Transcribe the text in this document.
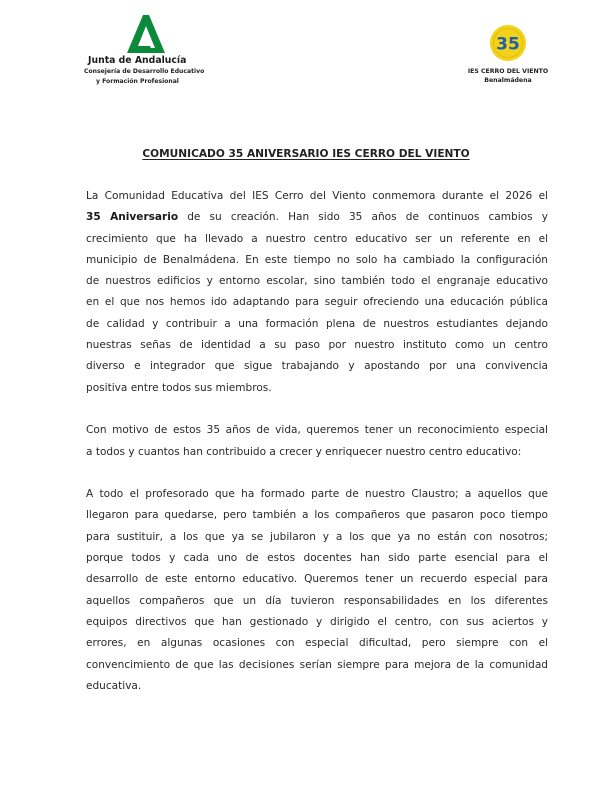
Junta de Andalucía
Consejería de Desarrollo Educativo
y Formación Profesional
35
IES CERRO DEL VIENTO
Benalmádena
COMUNICADO 35 ANIVERSARIO IES CERRO DEL VIENTO
La Comunidad Educativa del IES Cerro del Viento conmemora durante el 2026 el
35 Aniversario de su creación. Han sido 35 años de continuos cambios y
crecimiento que ha llevado a nuestro centro educativo ser un referente en el
municipio de Benalmádena. En este tiempo no solo ha cambiado la configuración
de nuestros edificios y entorno escolar, sino también todo el engranaje educativo
en el que nos hemos ido adaptando para seguir ofreciendo una educación pública
de calidad y contribuir a una formación plena de nuestros estudiantes dejando
nuestras señas de identidad a su paso por nuestro instituto como un centro
diverso e integrador que sigue trabajando y apostando por una convivencia
positiva entre todos sus miembros.
Con motivo de estos 35 años de vida, queremos tener un reconocimiento especial
a todos y cuantos han contribuido a crecer y enriquecer nuestro centro educativo:
A todo el profesorado que ha formado parte de nuestro Claustro; a aquellos que
llegaron para quedarse, pero también a los compañeros que pasaron poco tiempo
para sustituir, a los que ya se jubilaron y a los que ya no están con nosotros;
porque todos y cada uno de estos docentes han sido parte esencial para el
desarrollo de este entorno educativo. Queremos tener un recuerdo especial para
aquellos compañeros que un día tuvieron responsabilidades en los diferentes
equipos directivos que han gestionado y dirigido el centro, con sus aciertos y
errores, en algunas ocasiones con especial dificultad, pero siempre con el
convencimiento de que las decisiones serían siempre para mejora de la comunidad
educativa.
